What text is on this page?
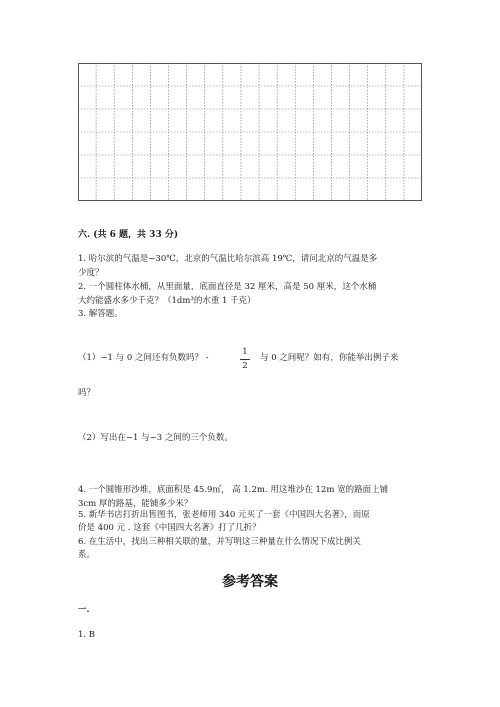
六. (共 6 题，共 33 分)
1. 哈尔滨的气温是−30℃，北京的气温比哈尔滨高 19℃，请问北京的气温是多
少度？
2. 一个圆柱体水桶，从里面量，底面直径是 32 厘米，高是 50 厘米，这个水桶
大约能盛水多少千克？（1dm³的水重 1 千克）
3. 解答题。
（1）−1 与 0 之间还有负数吗？ -
1
2
与 0 之间呢？如有，你能举出例子来
吗？
（2）写出在−1 与−3 之间的三个负数。
4. 一个圆锥形沙堆，底面积是 45.9㎡， 高 1.2m. 用这堆沙在 12m 宽的路面上铺
3cm 厚的路基，能铺多少米？
5. 新华书店打折出售图书，张老师用 340 元买了一套《中国四大名著》，而原
价是 400 元 . 这套《中国四大名著》打了几折？
6. 在生活中，找出三种相关联的量，并写明这三种量在什么情况下成比例关
系。
参考答案
一.
1. B
